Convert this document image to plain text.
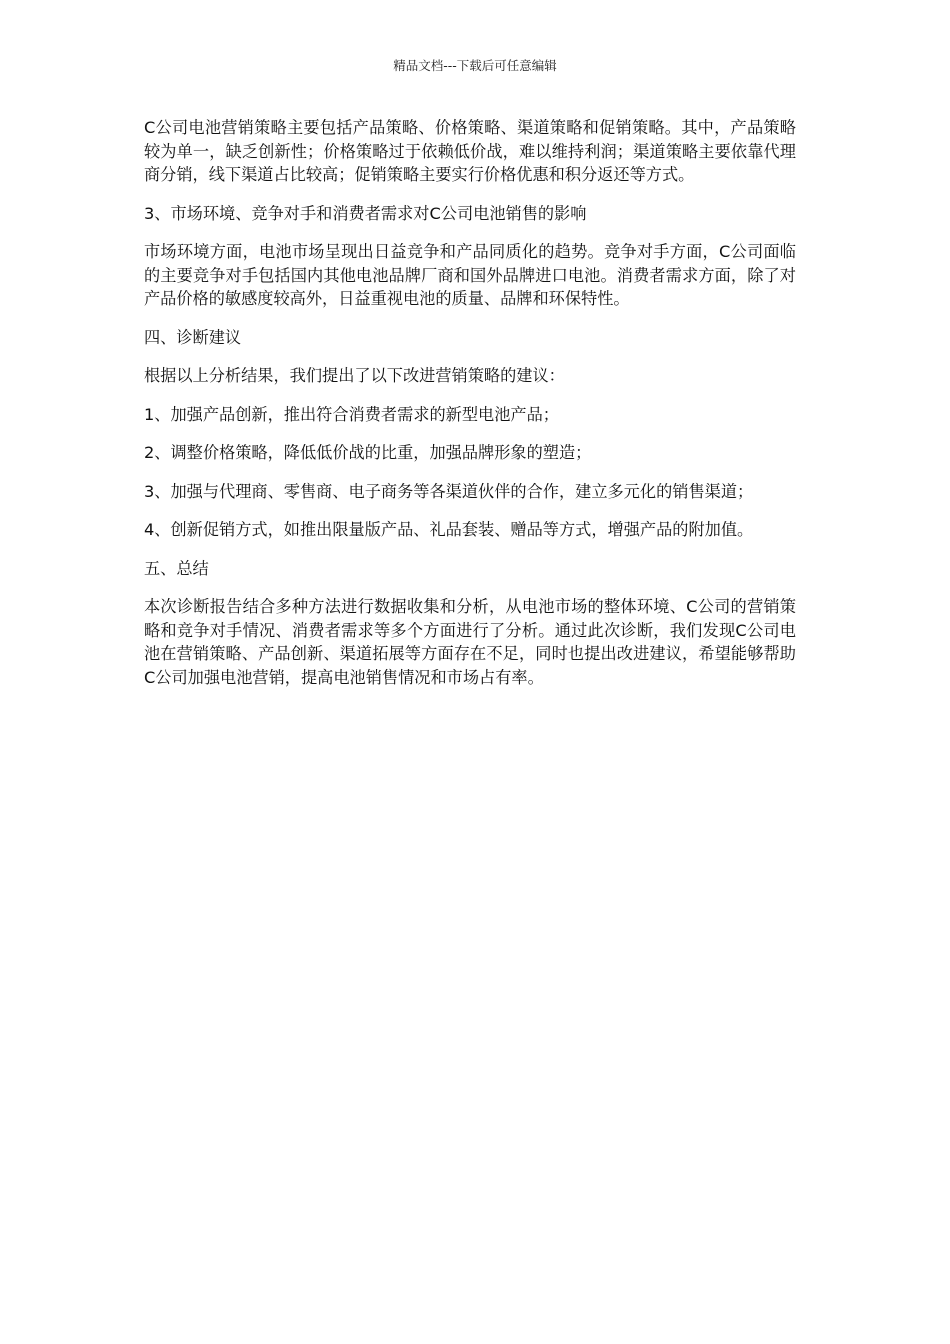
精品文档---下载后可任意编辑

C公司电池营销策略主要包括产品策略、价格策略、渠道策略和促销策略。其中，产品策略较为单一，缺乏创新性；价格策略过于依赖低价战，难以维持利润；渠道策略主要依靠代理商分销，线下渠道占比较高；促销策略主要实行价格优惠和积分返还等方式。

3、市场环境、竞争对手和消费者需求对C公司电池销售的影响

市场环境方面，电池市场呈现出日益竞争和产品同质化的趋势。竞争对手方面，C公司面临的主要竞争对手包括国内其他电池品牌厂商和国外品牌进口电池。消费者需求方面，除了对产品价格的敏感度较高外，日益重视电池的质量、品牌和环保特性。

四、诊断建议

根据以上分析结果，我们提出了以下改进营销策略的建议：

1、加强产品创新，推出符合消费者需求的新型电池产品；

2、调整价格策略，降低低价战的比重，加强品牌形象的塑造；

3、加强与代理商、零售商、电子商务等各渠道伙伴的合作，建立多元化的销售渠道；

4、创新促销方式，如推出限量版产品、礼品套装、赠品等方式，增强产品的附加值。

五、总结

本次诊断报告结合多种方法进行数据收集和分析，从电池市场的整体环境、C公司的营销策略和竞争对手情况、消费者需求等多个方面进行了分析。通过此次诊断，我们发现C公司电池在营销策略、产品创新、渠道拓展等方面存在不足，同时也提出改进建议，希望能够帮助C公司加强电池营销，提高电池销售情况和市场占有率。
